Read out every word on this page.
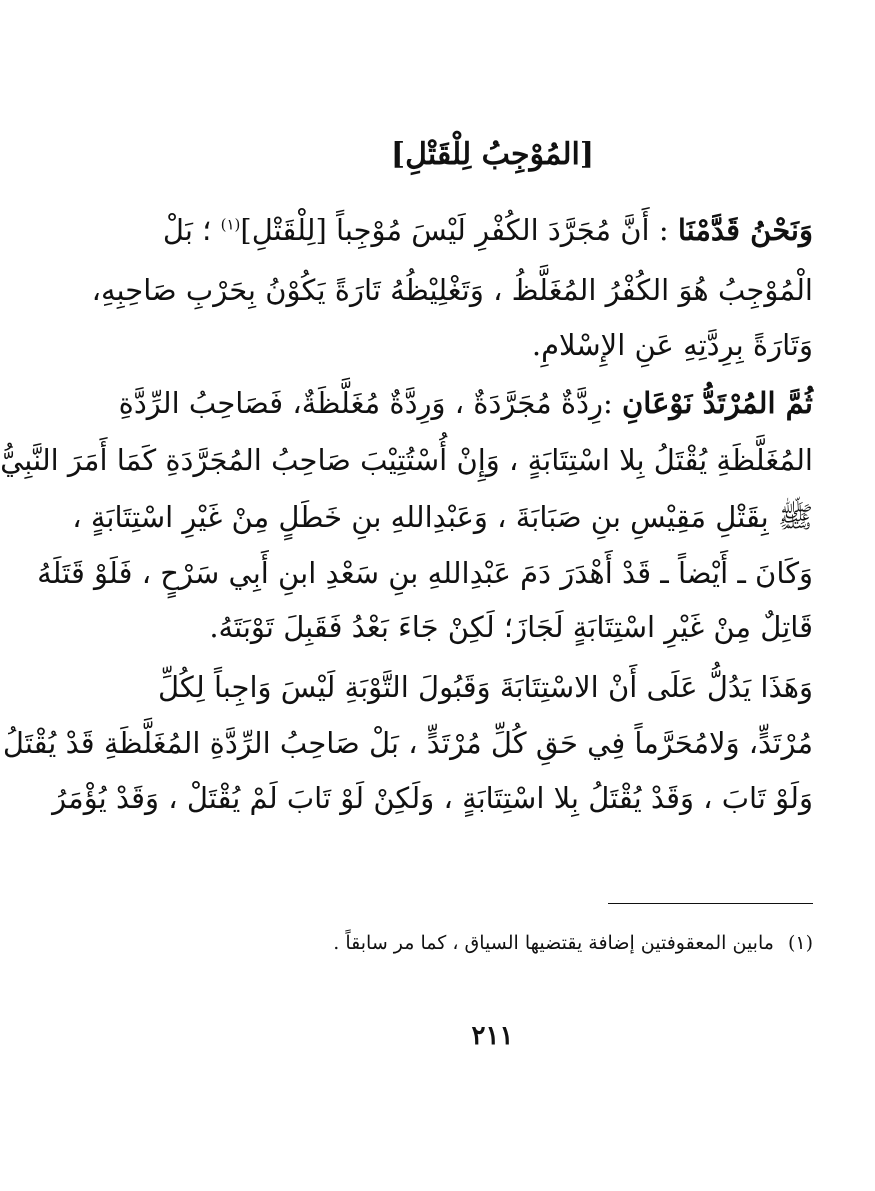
[المُوْجِبُ لِلْقَتْلِ]
وَنَحْنُ قَدَّمْنَا : أَنَّ مُجَرَّدَ الكُفْرِ لَيْسَ مُوْجِباً [لِلْقَتْلِ]$^{(١)}$ ؛ بَلْ
الْمُوْجِبُ هُوَ الكُفْرُ المُغَلَّظُ ، وَتَغْلِيْظُهُ تَارَةً يَكُوْنُ بِحَرْبِ صَاحِبِهِ،
وَتَارَةً بِرِدَّتِهِ عَنِ الإِسْلامِ.
ثُمَّ المُرْتَدُّ نَوْعَانِ :رِدَّةٌ مُجَرَّدَةٌ ، وَرِدَّةٌ مُغَلَّظَةٌ، فَصَاحِبُ الرِّدَّةِ
المُغَلَّظَةِ يُقْتَلُ بِلا اسْتِتَابَةٍ ، وَإِنْ أُسْتُتِيْبَ صَاحِبُ المُجَرَّدَةِ كَمَا أَمَرَ النَّبِيُّ
ﷺ بِقَتْلِ مَقِيْسِ بنِ صَبَابَةَ ، وَعَبْدِاللهِ بنِ خَطَلٍ مِنْ غَيْرِ اسْتِتَابَةٍ ،
وَكَانَ ـ أَيْضاً ـ قَدْ أَهْدَرَ دَمَ عَبْدِاللهِ بنِ سَعْدِ ابنِ أَبِي سَرْحٍ ، فَلَوْ قَتَلَهُ
قَاتِلٌ مِنْ غَيْرِ اسْتِتَابَةٍ لَجَازَ؛ لَكِنْ جَاءَ بَعْدُ فَقَبِلَ تَوْبَتَهُ.
وَهَذَا يَدُلُّ عَلَى أَنْ الاسْتِتَابَةَ وَقَبُولَ التَّوْبَةِ لَيْسَ وَاجِباً لِكُلِّ
مُرْتَدٍّ، وَلامُحَرَّماً فِي حَقِ كُلِّ مُرْتَدٍّ ، بَلْ صَاحِبُ الرِّدَّةِ المُغَلَّظَةِ قَدْ يُقْتَلُ
وَلَوْ تَابَ ، وَقَدْ يُقْتَلُ بِلا اسْتِتَابَةٍ ، وَلَكِنْ لَوْ تَابَ لَمْ يُقْتَلْ ، وَقَدْ يُؤْمَرُ
(١)مابين المعقوفتين إضافة يقتضيها السياق ، كما مر سابقاً .
٢١١
